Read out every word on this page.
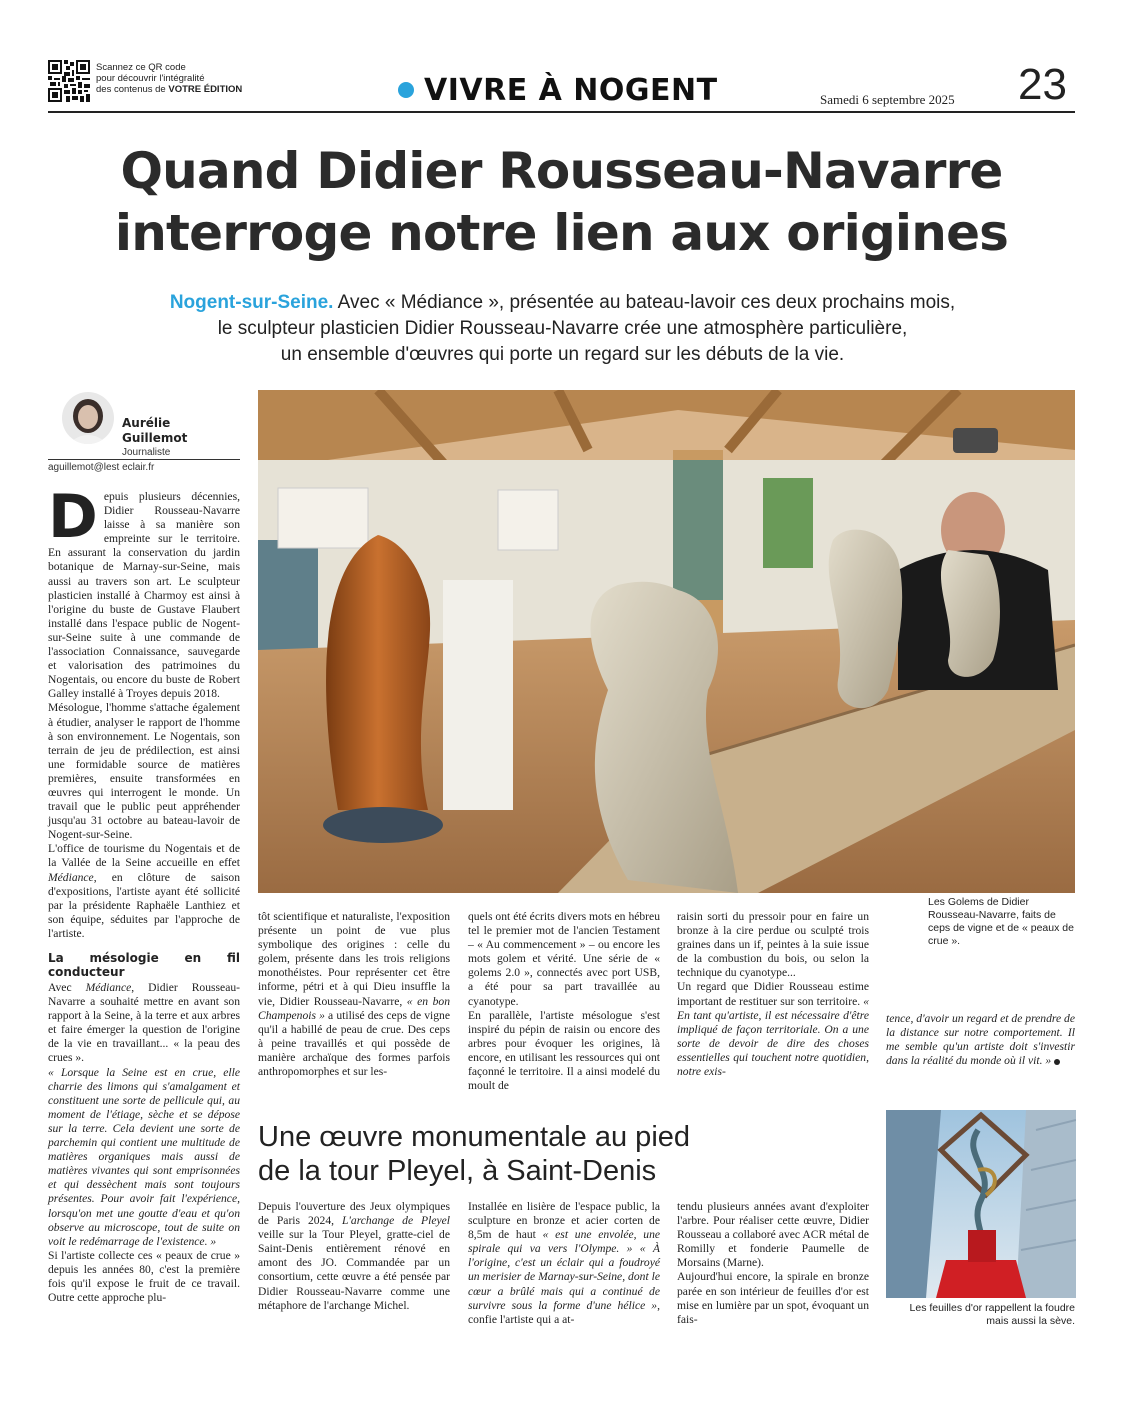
Scannez ce QR code
pour découvrir l'intégralité
des contenus de VOTRE ÉDITION	VIVRE À NOGENT	Samedi 6 septembre 2025 23
Quand Didier Rousseau-Navarre
interroge notre lien aux origines
Nogent-sur-Seine. Avec « Médiance », présentée au bateau-lavoir ces deux prochains mois,
le sculpteur plasticien Didier Rousseau-Navarre crée une atmosphère particulière,
un ensemble d'œuvres qui porte un regard sur les débuts de la vie.
Aurélie
Guillemot
Journaliste
aguillemot@lest eclair.fr

Depuis plusieurs décennies, Didier Rousseau-Navarre laisse à sa manière son empreinte sur le territoire. En assurant la conservation du jardin botanique de Marnay-sur-Seine, mais aussi au travers son art. Le sculpteur plasticien installé à Charmoy est ainsi à l'origine du buste de Gustave Flaubert installé dans l'espace public de Nogent-sur-Seine suite à une commande de l'association Connaissance, sauvegarde et valorisation des patrimoines du Nogentais, ou encore du buste de Robert Galley installé à Troyes depuis 2018.

Mésologue, l'homme s'attache également à étudier, analyser le rapport de l'homme à son environnement. Le Nogentais, son terrain de jeu de prédilection, est ainsi une formidable source de matières premières, ensuite transformées en œuvres qui interrogent le monde. Un travail que le public peut appréhender jusqu'au 31 octobre au bateau-lavoir de Nogent-sur-Seine.

L'office de tourisme du Nogentais et de la Vallée de la Seine accueille en effet Médiance, en clôture de saison d'expositions, l'artiste ayant été sollicité par la présidente Raphaële Lanthiez et son équipe, séduites par l'approche de l'artiste.

La mésologie en fil conducteur

Avec Médiance, Didier Rousseau-Navarre a souhaité mettre en avant son rapport à la Seine, à la terre et aux arbres et faire émerger la question de l'origine de la vie en travaillant... « la peau des crues ».

« Lorsque la Seine est en crue, elle charrie des limons qui s'amalgament et constituent une sorte de pellicule qui, au moment de l'étiage, sèche et se dépose sur la terre. Cela devient une sorte de parchemin qui contient une multitude de matières organiques mais aussi de matières vivantes qui sont emprisonnées et qui dessèchent mais sont toujours présentes. Pour avoir fait l'expérience, lorsqu'on met une goutte d'eau et qu'on observe au microscope, tout de suite on voit le redémarrage de l'existence. »

Si l'artiste collecte ces « peaux de crue » depuis les années 80, c'est la première fois qu'il expose le fruit de ce travail. Outre cette approche plu-

Les Golems de Didier Rousseau-Navarre, faits de ceps de vigne et de « peaux de crue ».

tôt scientifique et naturaliste, l'exposition présente un point de vue plus symbolique des origines : celle du golem, présente dans les trois religions monothéistes. Pour représenter cet être informe, pétri et à qui Dieu insuffle la vie, Didier Rousseau-Navarre, « en bon Champenois » a utilisé des ceps de vigne qu'il a habillé de peau de crue. Des ceps à peine travaillés et qui possède de manière archaïque des formes parfois anthropomorphes et sur les-

quels ont été écrits divers mots en hébreu tel le premier mot de l'ancien Testament – « Au commencement » – ou encore les mots golem et vérité. Une série de « golems 2.0 », connectés avec port USB, a été pour sa part travaillée au cyanotype.

En parallèle, l'artiste mésologue s'est inspiré du pépin de raisin ou encore des arbres pour évoquer les origines, là encore, en utilisant les ressources qui ont façonné le territoire. Il a ainsi modelé du moult de

raisin sorti du pressoir pour en faire un bronze à la cire perdue ou sculpté trois graines dans un if, peintes à la suie issue de la combustion du bois, ou selon la technique du cyanotype...

Un regard que Didier Rousseau estime important de restituer sur son territoire. « En tant qu'artiste, il est nécessaire d'être impliqué de façon territoriale. On a une sorte de devoir de dire des choses essentielles qui touchent notre quotidien, notre exis-

tence, d'avoir un regard et de prendre de la distance sur notre comportement. Il me semble qu'un artiste doit s'investir dans la réalité du monde où il vit. »

Une œuvre monumentale au pied
de la tour Pleyel, à Saint-Denis

Depuis l'ouverture des Jeux olympiques de Paris 2024, L'archange de Pleyel veille sur la Tour Pleyel, gratte-ciel de Saint-Denis entièrement rénové en amont des JO. Commandée par un consortium, cette œuvre a été pensée par Didier Rousseau-Navarre comme une métaphore de l'archange Michel.

Installée en lisière de l'espace public, la sculpture en bronze et acier corten de 8,5m de haut « est une envolée, une spirale qui va vers l'Olympe. » « À l'origine, c'est un éclair qui a foudroyé un merisier de Marnay-sur-Seine, dont le cœur a brûlé mais qui a continué de survivre sous la forme d'une hélice », confie l'artiste qui a at-

tendu plusieurs années avant d'exploiter l'arbre. Pour réaliser cette œuvre, Didier Rousseau a collaboré avec ACR métal de Romilly et fonderie Paumelle de Morsains (Marne).

Aujourd'hui encore, la spirale en bronze parée en son intérieur de feuilles d'or est mise en lumière par un spot, évoquant un fais-

Les feuilles d'or rappellent la foudre mais aussi la sève.
